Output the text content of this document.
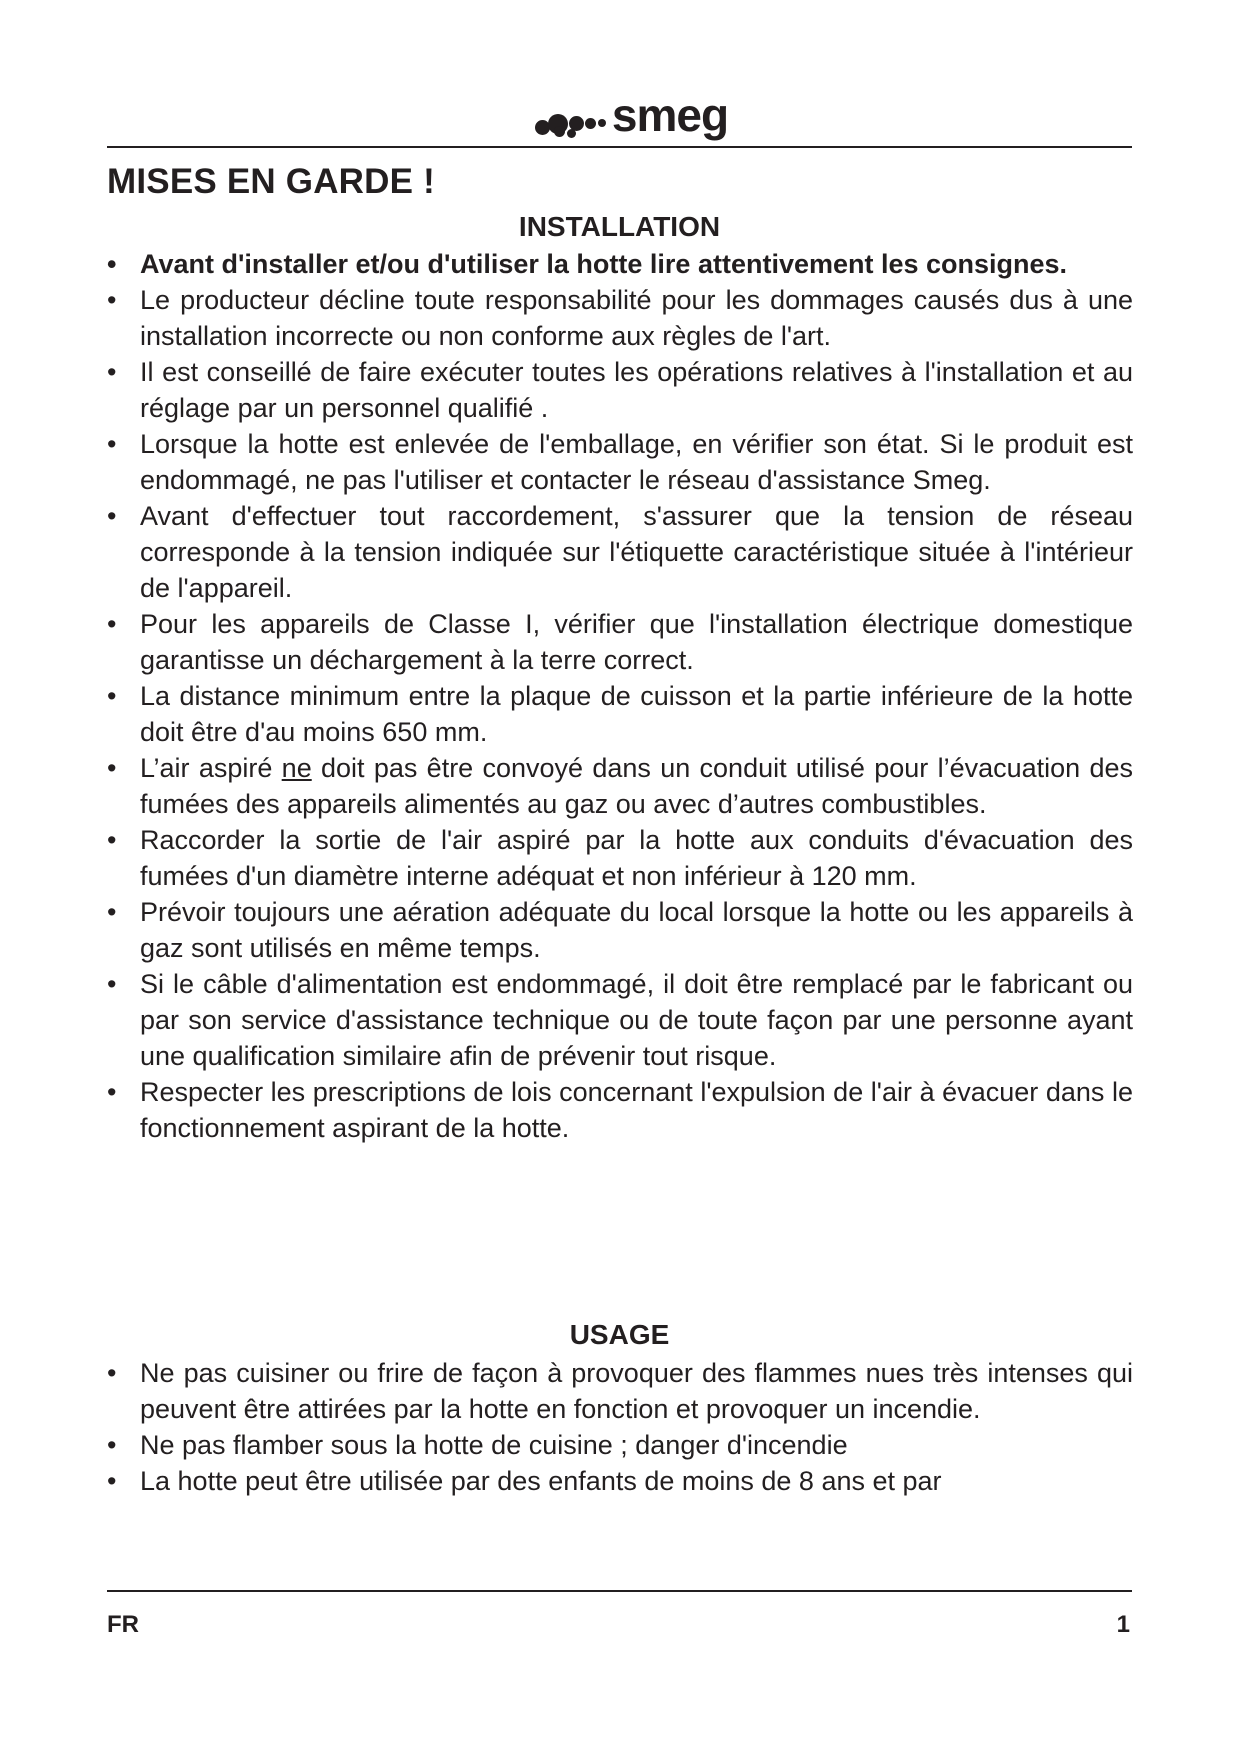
smeg
MISES EN GARDE !
INSTALLATION
• Avant d'installer et/ou d'utiliser la hotte lire attentivement les consignes.
• Le producteur décline toute responsabilité pour les dommages causés dus à une installation incorrecte ou non conforme aux règles de l'art.
• Il est conseillé de faire exécuter toutes les opérations relatives à l'installation et au réglage par un personnel qualifié .
• Lorsque la hotte est enlevée de l'emballage, en vérifier son état. Si le produit est endommagé, ne pas l'utiliser et contacter le réseau d'assistance Smeg.
• Avant d'effectuer tout raccordement, s'assurer que la tension de réseau corresponde à la tension indiquée sur l'étiquette caractéristique située à l'intérieur de l'appareil.
• Pour les appareils de Classe I, vérifier que l'installation électrique domestique garantisse un déchargement à la terre correct.
• La distance minimum entre la plaque de cuisson et la partie inférieure de la hotte doit être d'au moins 650 mm.
• L’air aspiré ne doit pas être convoyé dans un conduit utilisé pour l’évacuation des fumées des appareils alimentés au gaz ou avec d’autres combustibles.
• Raccorder la sortie de l'air aspiré par la hotte aux conduits d'évacuation des fumées d'un diamètre interne adéquat et non inférieur à 120 mm.
• Prévoir toujours une aération adéquate du local lorsque la hotte ou les appareils à gaz sont utilisés en même temps.
• Si le câble d'alimentation est endommagé, il doit être remplacé par le fabricant ou par son service d'assistance technique ou de toute façon par une personne ayant une qualification similaire afin de prévenir tout risque.
• Respecter les prescriptions de lois concernant l'expulsion de l'air à évacuer dans le fonctionnement aspirant de la hotte.
USAGE
• Ne pas cuisiner ou frire de façon à provoquer des flammes nues très intenses qui peuvent être attirées par la hotte en fonction et provoquer un incendie.
• Ne pas flamber sous la hotte de cuisine ; danger d'incendie
• La hotte peut être utilisée par des enfants de moins de 8 ans et par
FR	1
